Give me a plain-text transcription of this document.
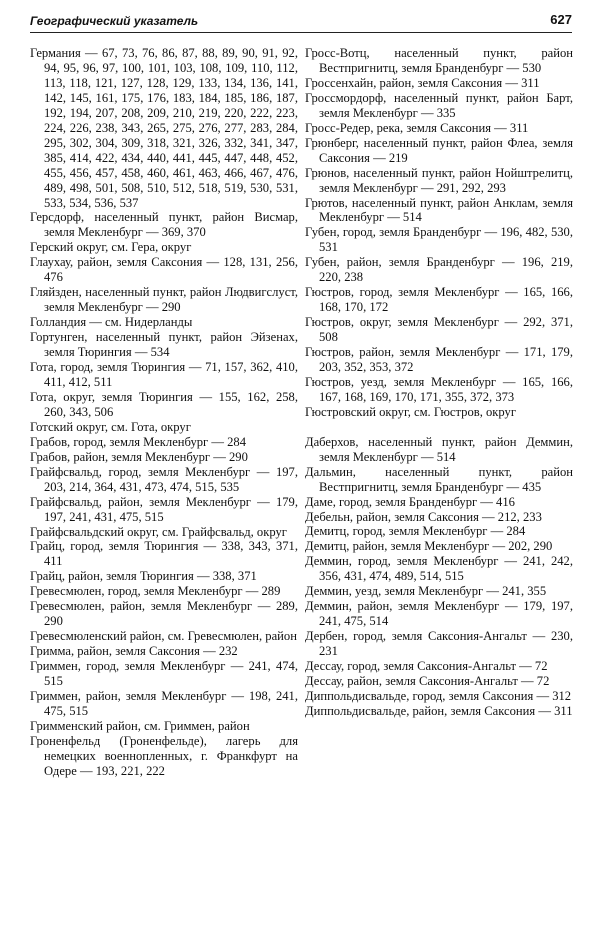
Географический указатель	627

Германия — 67, 73, 76, 86, 87, 88, 89, 90, 91, 92, 94, 95, 96, 97, 100, 101, 103, 108, 109, 110, 112, 113, 118, 121, 127, 128, 129, 133, 134, 136, 141, 142, 145, 161, 175, 176, 183, 184, 185, 186, 187, 192, 194, 207, 208, 209, 210, 219, 220, 222, 223, 224, 226, 238, 343, 265, 275, 276, 277, 283, 284, 295, 302, 304, 309, 318, 321, 326, 332, 341, 347, 385, 414, 422, 434, 440, 441, 445, 447, 448, 452, 455, 456, 457, 458, 460, 461, 463, 466, 467, 476, 489, 498, 501, 508, 510, 512, 518, 519, 530, 531, 533, 534, 536, 537

Герсдорф, населенный пункт, район Висмар, земля Мекленбург — 369, 370

Герский округ, см. Гера, округ

Глаухау, район, земля Саксония — 128, 131, 256, 476

Гляйзден, населенный пункт, район Людвигслуст, земля Мекленбург — 290

Голландия — см. Нидерланды

Гортунген, населенный пункт, район Эйзенах, земля Тюрингия — 534

Гота, город, земля Тюрингия — 71, 157, 362, 410, 411, 412, 511

Гота, округ, земля Тюрингия — 155, 162, 258, 260, 343, 506

Готский округ, см. Гота, округ

Грабов, город, земля Мекленбург — 284

Грабов, район, земля Мекленбург — 290

Грайфсвальд, город, земля Мекленбург — 197, 203, 214, 364, 431, 473, 474, 515, 535

Грайфсвальд, район, земля Мекленбург — 179, 197, 241, 431, 475, 515

Грайфсвальдский округ, см. Грайфсвальд, округ

Грайц, город, земля Тюрингия — 338, 343, 371, 411

Грайц, район, земля Тюрингия — 338, 371

Гревесмюлен, город, земля Мекленбург — 289

Гревесмюлен, район, земля Мекленбург — 289, 290

Гревесмюленский район, см. Гревесмюлен, район

Гримма, район, земля Саксония — 232

Гриммен, город, земля Мекленбург — 241, 474, 515

Гриммен, район, земля Мекленбург — 198, 241, 475, 515

Гримменский район, см. Гриммен, район

Гроненфельд (Гроненфельде), лагерь для немецких военнопленных, г. Франкфурт на Одере — 193, 221, 222

Гросс-Вотц, населенный пункт, район Вестпригнитц, земля Бранденбург — 530

Гроссенхайн, район, земля Саксония — 311

Гроссмордорф, населенный пункт, район Барт, земля Мекленбург — 335

Гросс-Редер, река, земля Саксония — 311

Грюнберг, населенный пункт, район Флеа, земля Саксония — 219

Грюнов, населенный пункт, район Нойштрелитц, земля Мекленбург — 291, 292, 293

Грютов, населенный пункт, район Анклам, земля Мекленбург — 514

Губен, город, земля Бранденбург — 196, 482, 530, 531

Губен, район, земля Бранденбург — 196, 219, 220, 238

Гюстров, город, земля Мекленбург — 165, 166, 168, 170, 172

Гюстров, округ, земля Мекленбург — 292, 371, 508

Гюстров, район, земля Мекленбург — 171, 179, 203, 352, 353, 372

Гюстров, уезд, земля Мекленбург — 165, 166, 167, 168, 169, 170, 171, 355, 372, 373

Гюстровский округ, см. Гюстров, округ

Даберхов, населенный пункт, район Деммин, земля Мекленбург — 514

Дальмин, населенный пункт, район Вестпригнитц, земля Бранденбург — 435

Даме, город, земля Бранденбург — 416

Дебельн, район, земля Саксония — 212, 233

Демитц, город, земля Мекленбург — 284

Демитц, район, земля Мекленбург — 202, 290

Деммин, город, земля Мекленбург — 241, 242, 356, 431, 474, 489, 514, 515

Деммин, уезд, земля Мекленбург — 241, 355

Деммин, район, земля Мекленбург — 179, 197, 241, 475, 514

Дербен, город, земля Саксония-Ангальт — 230, 231

Дессау, город, земля Саксония-Ангальт — 72

Дессау, район, земля Саксония-Ангальт — 72

Диппольдисвальде, город, земля Саксония — 312

Диппольдисвальде, район, земля Саксония — 311
